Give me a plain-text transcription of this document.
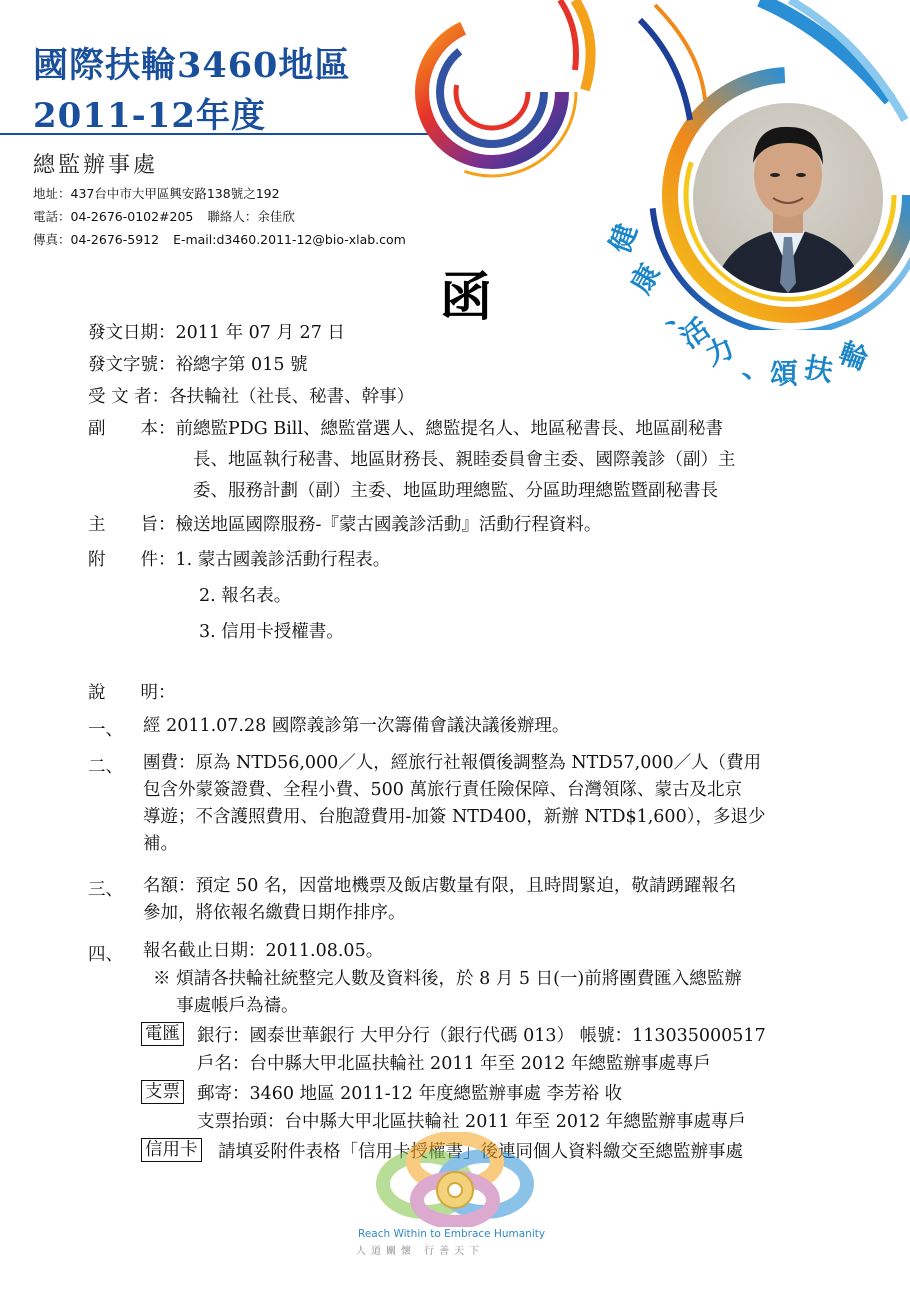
健
康
、
活
力
、 頌 扶 輪
國際扶輪3460地區
2011-12年度
總監辦事處
地址：437台中市大甲區興安路138號之192
電話：04-2676-0102#205 聯絡人：余佳欣
傳真：04-2676-5912 E-mail:d3460.2011-12@bio-xlab.com
函
發文日期：2011 年 07 月 27 日
發文字號：裕總字第 015 號
受 文 者：各扶輪社（社長、秘書、幹事）
副　　本：前總監PDG Bill、總監當選人、總監提名人、地區秘書長、地區副秘書
長、地區執行秘書、地區財務長、親睦委員會主委、國際義診（副）主
委、服務計劃（副）主委、地區助理總監、分區助理總監暨副秘書長
主　　旨：檢送地區國際服務-『蒙古國義診活動』活動行程資料。
附　　件：1. 蒙古國義診活動行程表。
2. 報名表。
3. 信用卡授權書。
說　　明：
一、 經 2011.07.28 國際義診第一次籌備會議決議後辦理。
二、 團費：原為 NTD56,000／人，經旅行社報價後調整為 NTD57,000／人（費用
包含外蒙簽證費、全程小費、500 萬旅行責任險保障、台灣領隊、蒙古及北京
導遊；不含護照費用、台胞證費用-加簽 NTD400，新辦 NTD$1,600），多退少
補。
三、 名額：預定 50 名，因當地機票及飯店數量有限，且時間緊迫，敬請踴躍報名
參加，將依報名繳費日期作排序。
四、 報名截止日期：2011.08.05。
※ 煩請各扶輪社統整完人數及資料後，於 8 月 5 日(一)前將團費匯入總監辦
　 事處帳戶為禱。
電匯 銀行：國泰世華銀行 大甲分行（銀行代碼 013） 帳號：113035000517
戶名：台中縣大甲北區扶輪社 2011 年至 2012 年總監辦事處專戶
支票 郵寄：3460 地區 2011-12 年度總監辦事處 李芳裕 收
支票抬頭：台中縣大甲北區扶輪社 2011 年至 2012 年總監辦事處專戶
信用卡 請填妥附件表格「信用卡授權書」後連同個人資料繳交至總監辦事處
Reach Within to Embrace Humanity
人道關懷 行善天下
